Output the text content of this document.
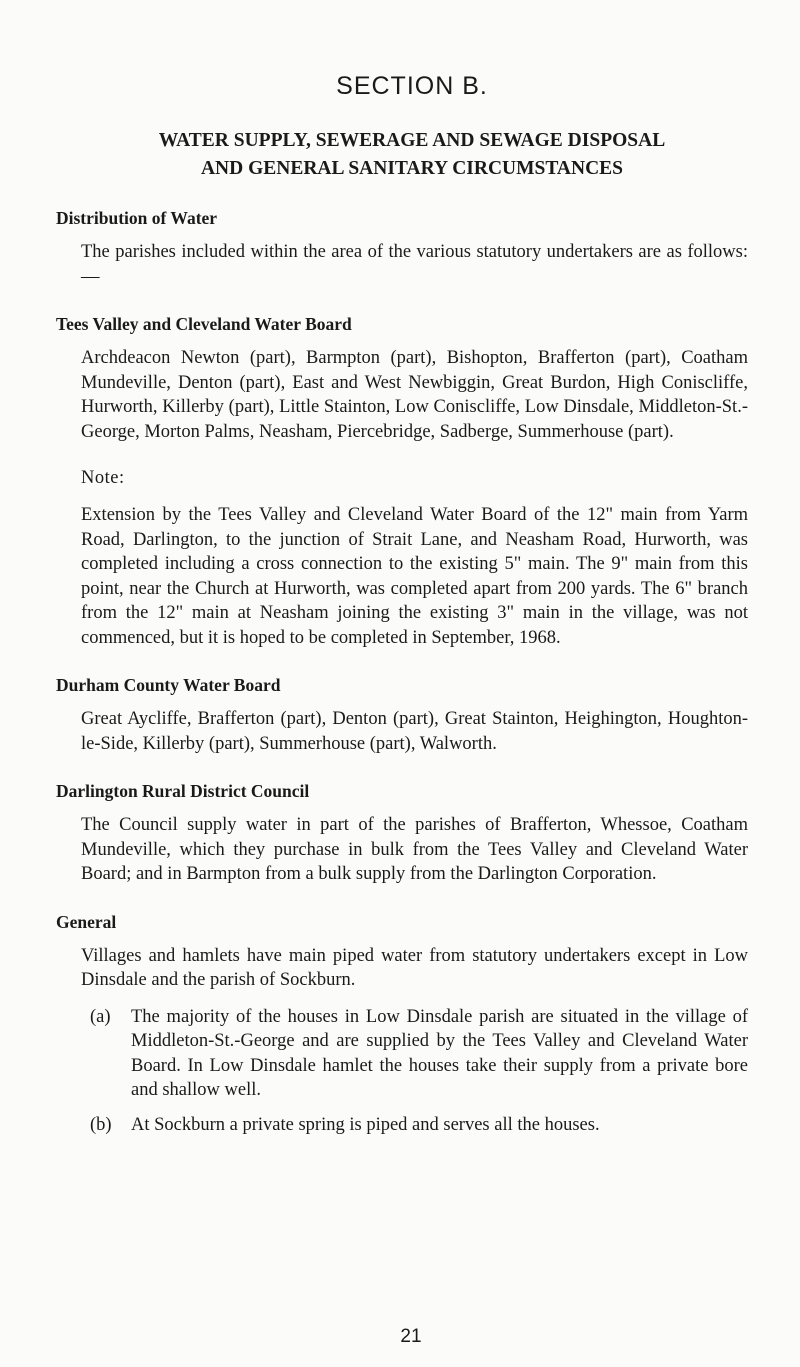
SECTION B.
WATER SUPPLY, SEWERAGE AND SEWAGE DISPOSAL
AND GENERAL SANITARY CIRCUMSTANCES
Distribution of Water
The parishes included within the area of the various statutory undertakers are as follows:—
Tees Valley and Cleveland Water Board
Archdeacon Newton (part), Barmpton (part), Bishopton, Brafferton (part), Coatham Mundeville, Denton (part), East and West Newbiggin, Great Burdon, High Coniscliffe, Hurworth, Killerby (part), Little Stainton, Low Coniscliffe, Low Dinsdale, Middleton-St.-George, Morton Palms, Neasham, Piercebridge, Sadberge, Summerhouse (part).
Note:
Extension by the Tees Valley and Cleveland Water Board of the 12" main from Yarm Road, Darlington, to the junction of Strait Lane, and Neasham Road, Hurworth, was completed including a cross connection to the existing 5" main. The 9" main from this point, near the Church at Hurworth, was completed apart from 200 yards. The 6" branch from the 12" main at Neasham joining the existing 3" main in the village, was not commenced, but it is hoped to be completed in September, 1968.
Durham County Water Board
Great Aycliffe, Brafferton (part), Denton (part), Great Stainton, Heighington, Houghton-le-Side, Killerby (part), Summerhouse (part), Walworth.
Darlington Rural District Council
The Council supply water in part of the parishes of Brafferton, Whessoe, Coatham Mundeville, which they purchase in bulk from the Tees Valley and Cleveland Water Board; and in Barmpton from a bulk supply from the Darlington Corporation.
General
Villages and hamlets have main piped water from statutory undertakers except in Low Dinsdale and the parish of Sockburn.
(a)	The majority of the houses in Low Dinsdale parish are situated in the village of Middleton-St.-George and are supplied by the Tees Valley and Cleveland Water Board. In Low Dinsdale hamlet the houses take their supply from a private bore and shallow well.
(b)	At Sockburn a private spring is piped and serves all the houses.
21
